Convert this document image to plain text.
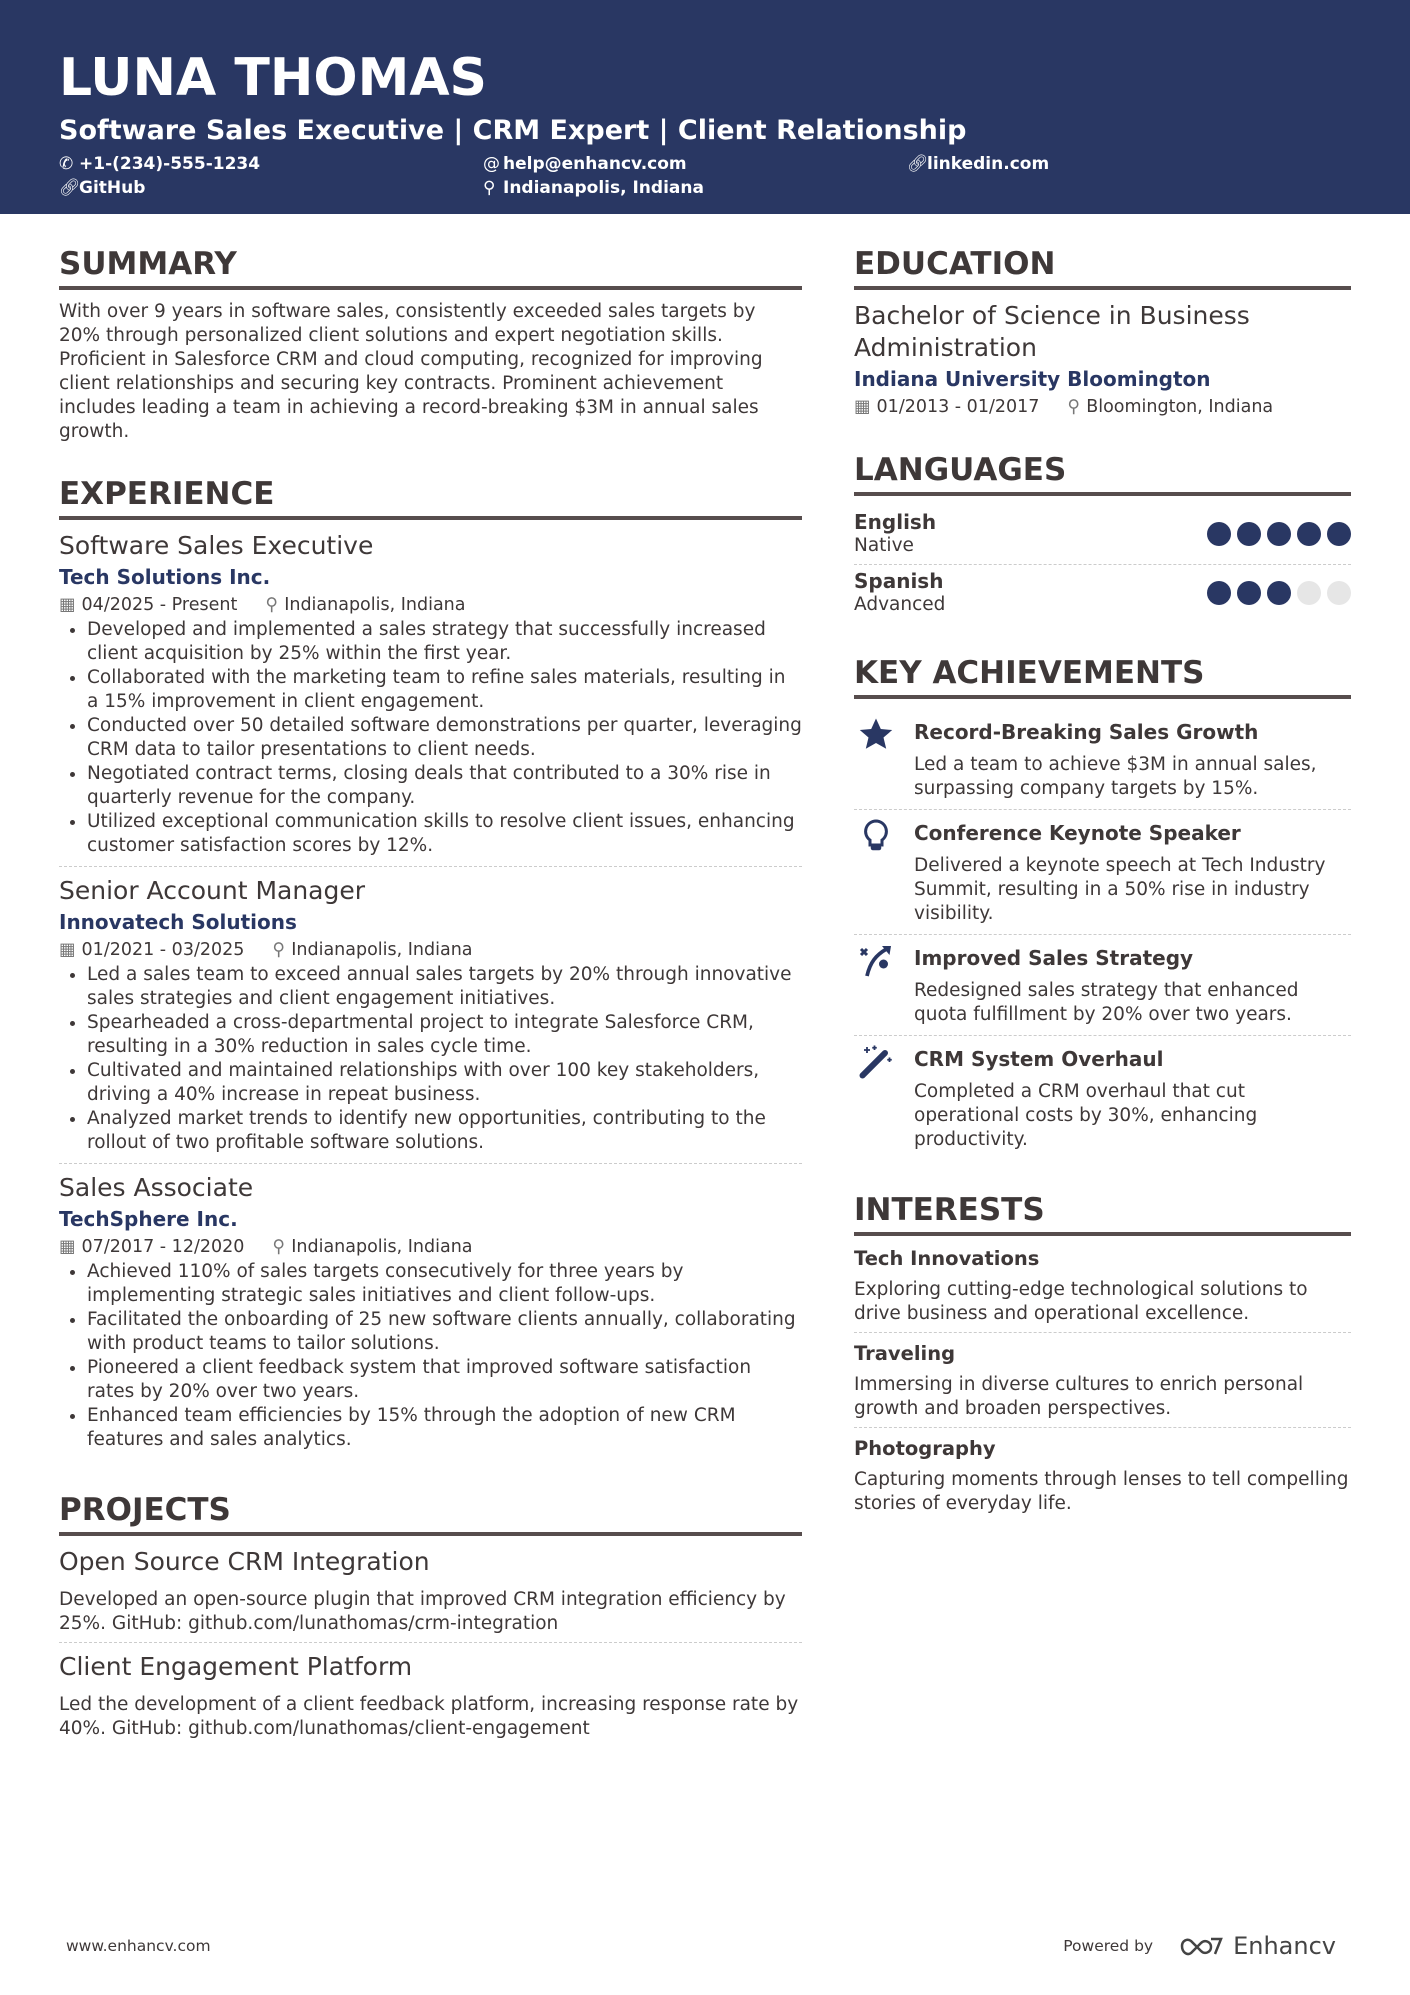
LUNA THOMAS
Software Sales Executive | CRM Expert | Client Relationship
✆ +1-(234)-555-1234	@ help@enhancv.com	🔗︎linkedin.com
🔗︎GitHub	⚲ Indianapolis, Indiana
SUMMARY

With over 9 years in software sales, consistently exceeded sales targets by 20% through personalized client solutions and expert negotiation skills. Proficient in Salesforce CRM and cloud computing, recognized for improving client relationships and securing key contracts. Prominent achievement includes leading a team in achieving a record-breaking $3M in annual sales growth.

EXPERIENCE
Software Sales Executive
Tech Solutions Inc.
▦ 04/2025 - Present ⚲ Indianapolis, Indiana
• Developed and implemented a sales strategy that successfully increased client acquisition by 25% within the first year.
• Collaborated with the marketing team to refine sales materials, resulting in a 15% improvement in client engagement.
• Conducted over 50 detailed software demonstrations per quarter, leveraging CRM data to tailor presentations to client needs.
• Negotiated contract terms, closing deals that contributed to a 30% rise in quarterly revenue for the company.
• Utilized exceptional communication skills to resolve client issues, enhancing customer satisfaction scores by 12%.
Senior Account Manager
Innovatech Solutions
▦ 01/2021 - 03/2025 ⚲ Indianapolis, Indiana
• Led a sales team to exceed annual sales targets by 20% through innovative sales strategies and client engagement initiatives.
• Spearheaded a cross-departmental project to integrate Salesforce CRM, resulting in a 30% reduction in sales cycle time.
• Cultivated and maintained relationships with over 100 key stakeholders, driving a 40% increase in repeat business.
• Analyzed market trends to identify new opportunities, contributing to the rollout of two profitable software solutions.
Sales Associate
TechSphere Inc.
▦ 07/2017 - 12/2020 ⚲ Indianapolis, Indiana
• Achieved 110% of sales targets consecutively for three years by implementing strategic sales initiatives and client follow-ups.
• Facilitated the onboarding of 25 new software clients annually, collaborating with product teams to tailor solutions.
• Pioneered a client feedback system that improved software satisfaction rates by 20% over two years.
• Enhanced team efficiencies by 15% through the adoption of new CRM features and sales analytics.
PROJECTS
Open Source CRM Integration

Developed an open-source plugin that improved CRM integration efficiency by 25%. GitHub: github.com/lunathomas/crm-integration

Client Engagement Platform

Led the development of a client feedback platform, increasing response rate by 40%. GitHub: github.com/lunathomas/client-engagement

EDUCATION
Bachelor of Science in Business Administration
Indiana University Bloomington
▦ 01/2013 - 01/2017 ⚲ Bloomington, Indiana
LANGUAGES
English
Native
Spanish
Advanced
KEY ACHIEVEMENTS
Record-Breaking Sales Growth

Led a team to achieve $3M in annual sales, surpassing company targets by 15%.

Conference Keynote Speaker

Delivered a keynote speech at Tech Industry Summit, resulting in a 50% rise in industry visibility.

Improved Sales Strategy

Redesigned sales strategy that enhanced quota fulfillment by 20% over two years.

CRM System Overhaul

Completed a CRM overhaul that cut operational costs by 30%, enhancing productivity.

INTERESTS
Tech Innovations

Exploring cutting-edge technological solutions to drive business and operational excellence.

Traveling

Immersing in diverse cultures to enrich personal growth and broaden perspectives.

Photography

Capturing moments through lenses to tell compelling stories of everyday life.

www.enhancv.com	Powered by	Enhancv
